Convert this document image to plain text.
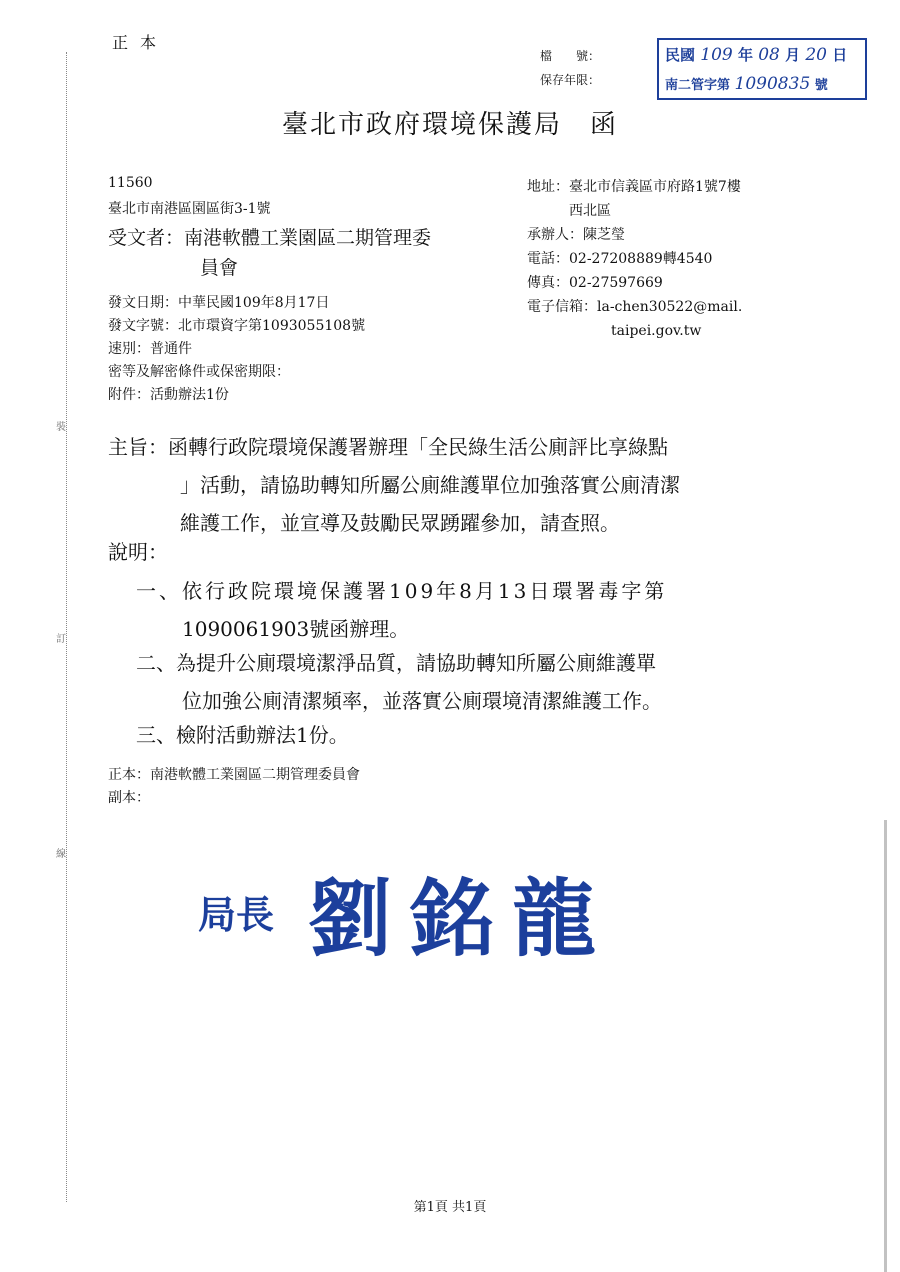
裝
訂
線
正本
檔　　號：
保存年限：
民國 109 年 08 月 20 日
南二管字第 1090835 號
臺北市政府環境保護局　函
11560
臺北市南港區園區街3-1號
受文者：南港軟體工業園區二期管理委
員會
地址：臺北市信義區市府路1號7樓
西北區
承辦人：陳芝瑩
電話：02-27208889轉4540
傳真：02-27597669
電子信箱：la-chen30522@mail.
taipei.gov.tw
發文日期：中華民國109年8月17日
發文字號：北市環資字第1093055108號
速別：普通件
密等及解密條件或保密期限：
附件：活動辦法1份
主旨：函轉行政院環境保護署辦理「全民綠生活公廁評比享綠點
」活動，請協助轉知所屬公廁維護單位加強落實公廁清潔
維護工作，並宣導及鼓勵民眾踴躍參加，請查照。
說明：
一、依行政院環境保護署109年8月13日環署毒字第
1090061903號函辦理。
二、為提升公廁環境潔淨品質，請協助轉知所屬公廁維護單
位加強公廁清潔頻率，並落實公廁環境清潔維護工作。
三、檢附活動辦法1份。
正本：南港軟體工業園區二期管理委員會
副本：
局長 劉銘龍
第1頁 共1頁
